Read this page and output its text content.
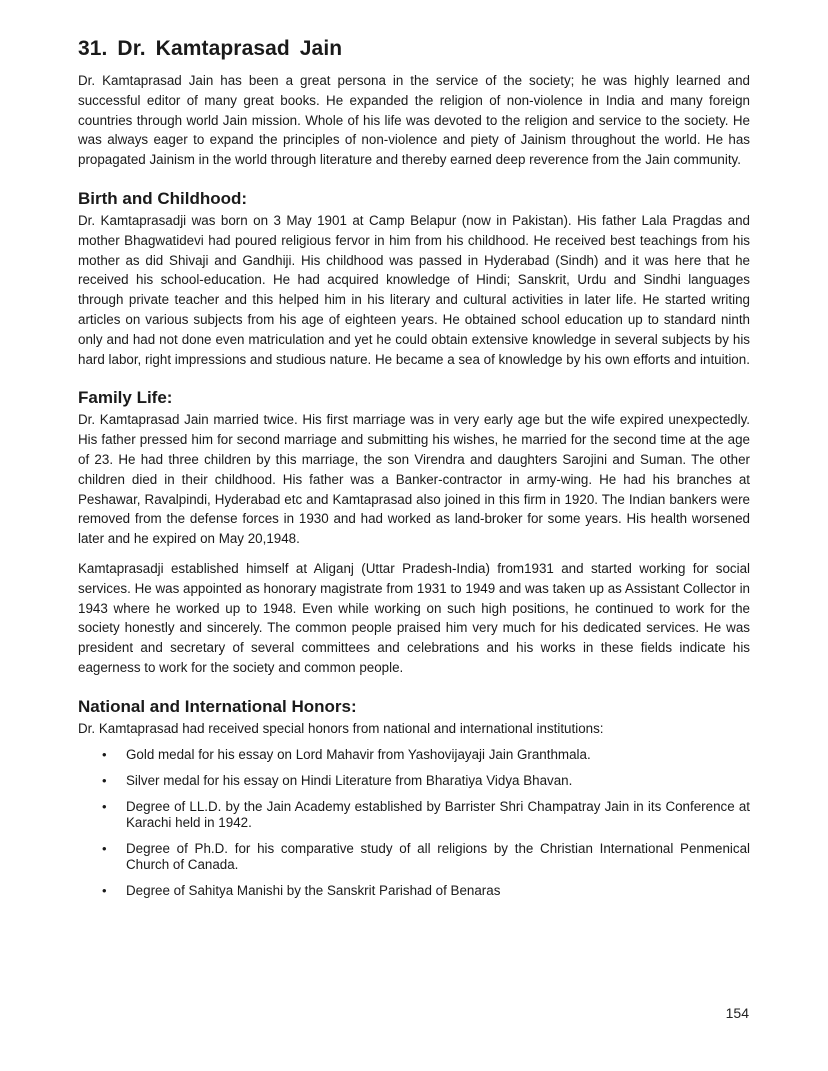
31. Dr. Kamtaprasad Jain

Dr. Kamtaprasad Jain has been a great persona in the service of the society; he was highly learned and successful editor of many great books. He expanded the religion of non-violence in India and many foreign countries through world Jain mission. Whole of his life was devoted to the religion and service to the society. He was always eager to expand the principles of non-violence and piety of Jainism throughout the world. He has propagated Jainism in the world through literature and thereby earned deep reverence from the Jain community.

Birth and Childhood:

Dr. Kamtaprasadji was born on 3 May 1901 at Camp Belapur (now in Pakistan). His father Lala Pragdas and mother Bhagwatidevi had poured religious fervor in him from his childhood. He received best teachings from his mother as did Shivaji and Gandhiji. His childhood was passed in Hyderabad (Sindh) and it was here that he received his school-education. He had acquired knowledge of Hindi; Sanskrit, Urdu and Sindhi languages through private teacher and this helped him in his literary and cultural activities in later life. He started writing articles on various subjects from his age of eighteen years. He obtained school education up to standard ninth only and had not done even matriculation and yet he could obtain extensive knowledge in several subjects by his hard labor, right impressions and studious nature. He became a sea of knowledge by his own efforts and intuition.

Family Life:

Dr. Kamtaprasad Jain married twice. His first marriage was in very early age but the wife expired unexpectedly. His father pressed him for second marriage and submitting his wishes, he married for the second time at the age of 23. He had three children by this marriage, the son Virendra and daughters Sarojini and Suman. The other children died in their childhood. His father was a Banker-contractor in army-wing. He had his branches at Peshawar, Ravalpindi, Hyderabad etc and Kamtaprasad also joined in this firm in 1920. The Indian bankers were removed from the defense forces in 1930 and had worked as land-broker for some years. His health worsened later and he expired on May 20,1948.

Kamtaprasadji established himself at Aliganj (Uttar Pradesh-India) from1931 and started working for social services. He was appointed as honorary magistrate from 1931 to 1949 and was taken up as Assistant Collector in 1943 where he worked up to 1948. Even while working on such high positions, he continued to work for the society honestly and sincerely. The common people praised him very much for his dedicated services. He was president and secretary of several committees and celebrations and his works in these fields indicate his eagerness to work for the society and common people.

National and International Honors:

Dr. Kamtaprasad had received special honors from national and international institutions:

• Gold medal for his essay on Lord Mahavir from Yashovijayaji Jain Granthmala.
• Silver medal for his essay on Hindi Literature from Bharatiya Vidya Bhavan.
• Degree of LL.D. by the Jain Academy established by Barrister Shri Champatray Jain in its Conference at Karachi held in 1942.
• Degree of Ph.D. for his comparative study of all religions by the Christian International Penmenical Church of Canada.
• Degree of Sahitya Manishi by the Sanskrit Parishad of Benaras
154
